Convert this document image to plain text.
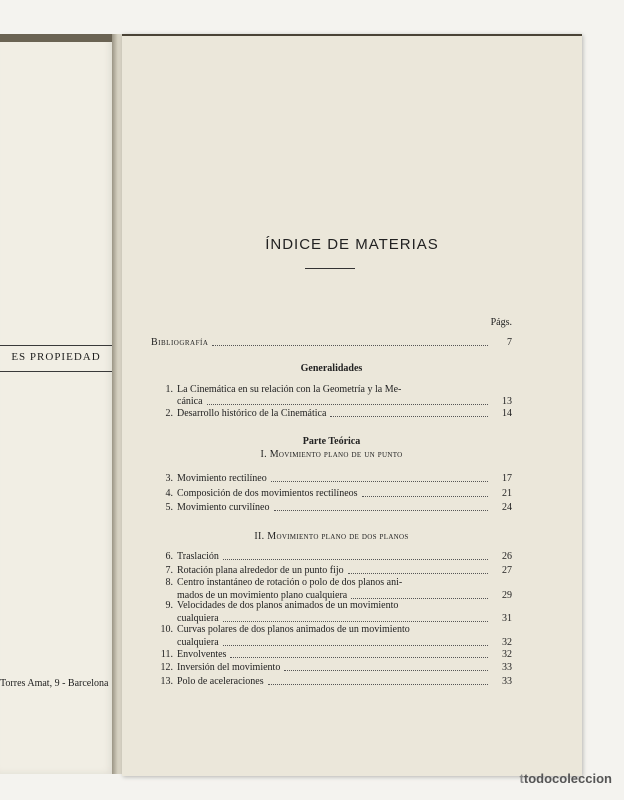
ES PROPIEDAD
Torres Amat, 9 - Barcelona
ÍNDICE DE MATERIAS
Págs.
Bibliografía	7
Generalidades
1. La Cinemática en su relación con la Geometría y la Me-
cánica	13
2. Desarrollo histórico de la Cinemática	14
Parte Teórica
I. Movimiento plano de un punto
3. Movimiento rectilíneo	17
4. Composición de dos movimientos rectilíneos	21
5. Movimiento curvilíneo	24
II. Movimiento plano de dos planos
6. Traslación	26
7. Rotación plana alrededor de un punto fijo	27
8. Centro instantáneo de rotación o polo de dos planos ani-
mados de un movimiento plano cualquiera	29
9. Velocidades de dos planos animados de un movimiento
cualquiera	31
10. Curvas polares de dos planos animados de un movimiento
cualquiera	32
11. Envolventes	32
12. Inversión del movimiento	33
13. Polo de aceleraciones	33
ttodocoleccion
